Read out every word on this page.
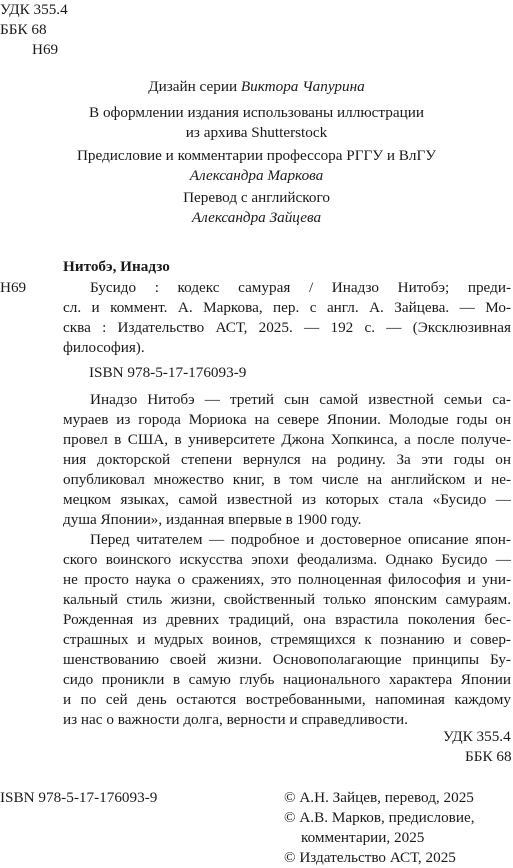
УДК 355.4
ББК 68
Н69
Дизайн серии Виктора Чапурина
В оформлении издания использованы иллюстрации
из архива Shutterstock
Предисловие и комментарии профессора РГГУ и ВлГУ
Александра Маркова
Перевод с английского
Александра Зайцева
Нитобэ, Инадзо
Н69	Бусидо : кодекс самурая / Инадзо Нитобэ; преди-
сл. и коммент. А. Маркова, пер. с англ. А. Зайцева. — Мо-
сква : Издательство АСТ, 2025. — 192 с. — (Эксклюзивная
философия).
ISBN 978-5-17-176093-9
Инадзо Нитобэ — третий сын самой известной семьи са-
мураев из города Мориока на севере Японии. Молодые годы он
провел в США, в университете Джона Хопкинса, а после получе-
ния докторской степени вернулся на родину. За эти годы он
опубликовал множество книг, в том числе на английском и не-
мецком языках, самой известной из которых стала «Бусидо —
душа Японии», изданная впервые в 1900 году.
Перед читателем — подробное и достоверное описание япон-
ского воинского искусства эпохи феодализма. Однако Бусидо —
не просто наука о сражениях, это полноценная философия и уни-
кальный стиль жизни, свойственный только японским самураям.
Рожденная из древних традиций, она взрастила поколения бес-
страшных и мудрых воинов, стремящихся к познанию и совер-
шенствованию своей жизни. Основополагающие принципы Бу-
сидо проникли в самую глубь национального характера Японии
и по сей день остаются востребованными, напоминая каждому
из нас о важности долга, верности и справедливости.
УДК 355.4
ББК 68
ISBN 978-5-17-176093-9	© А.Н. Зайцев, перевод, 2025
© А.В. Марков, предисловие,
комментарии, 2025
© Издательство АСТ, 2025
